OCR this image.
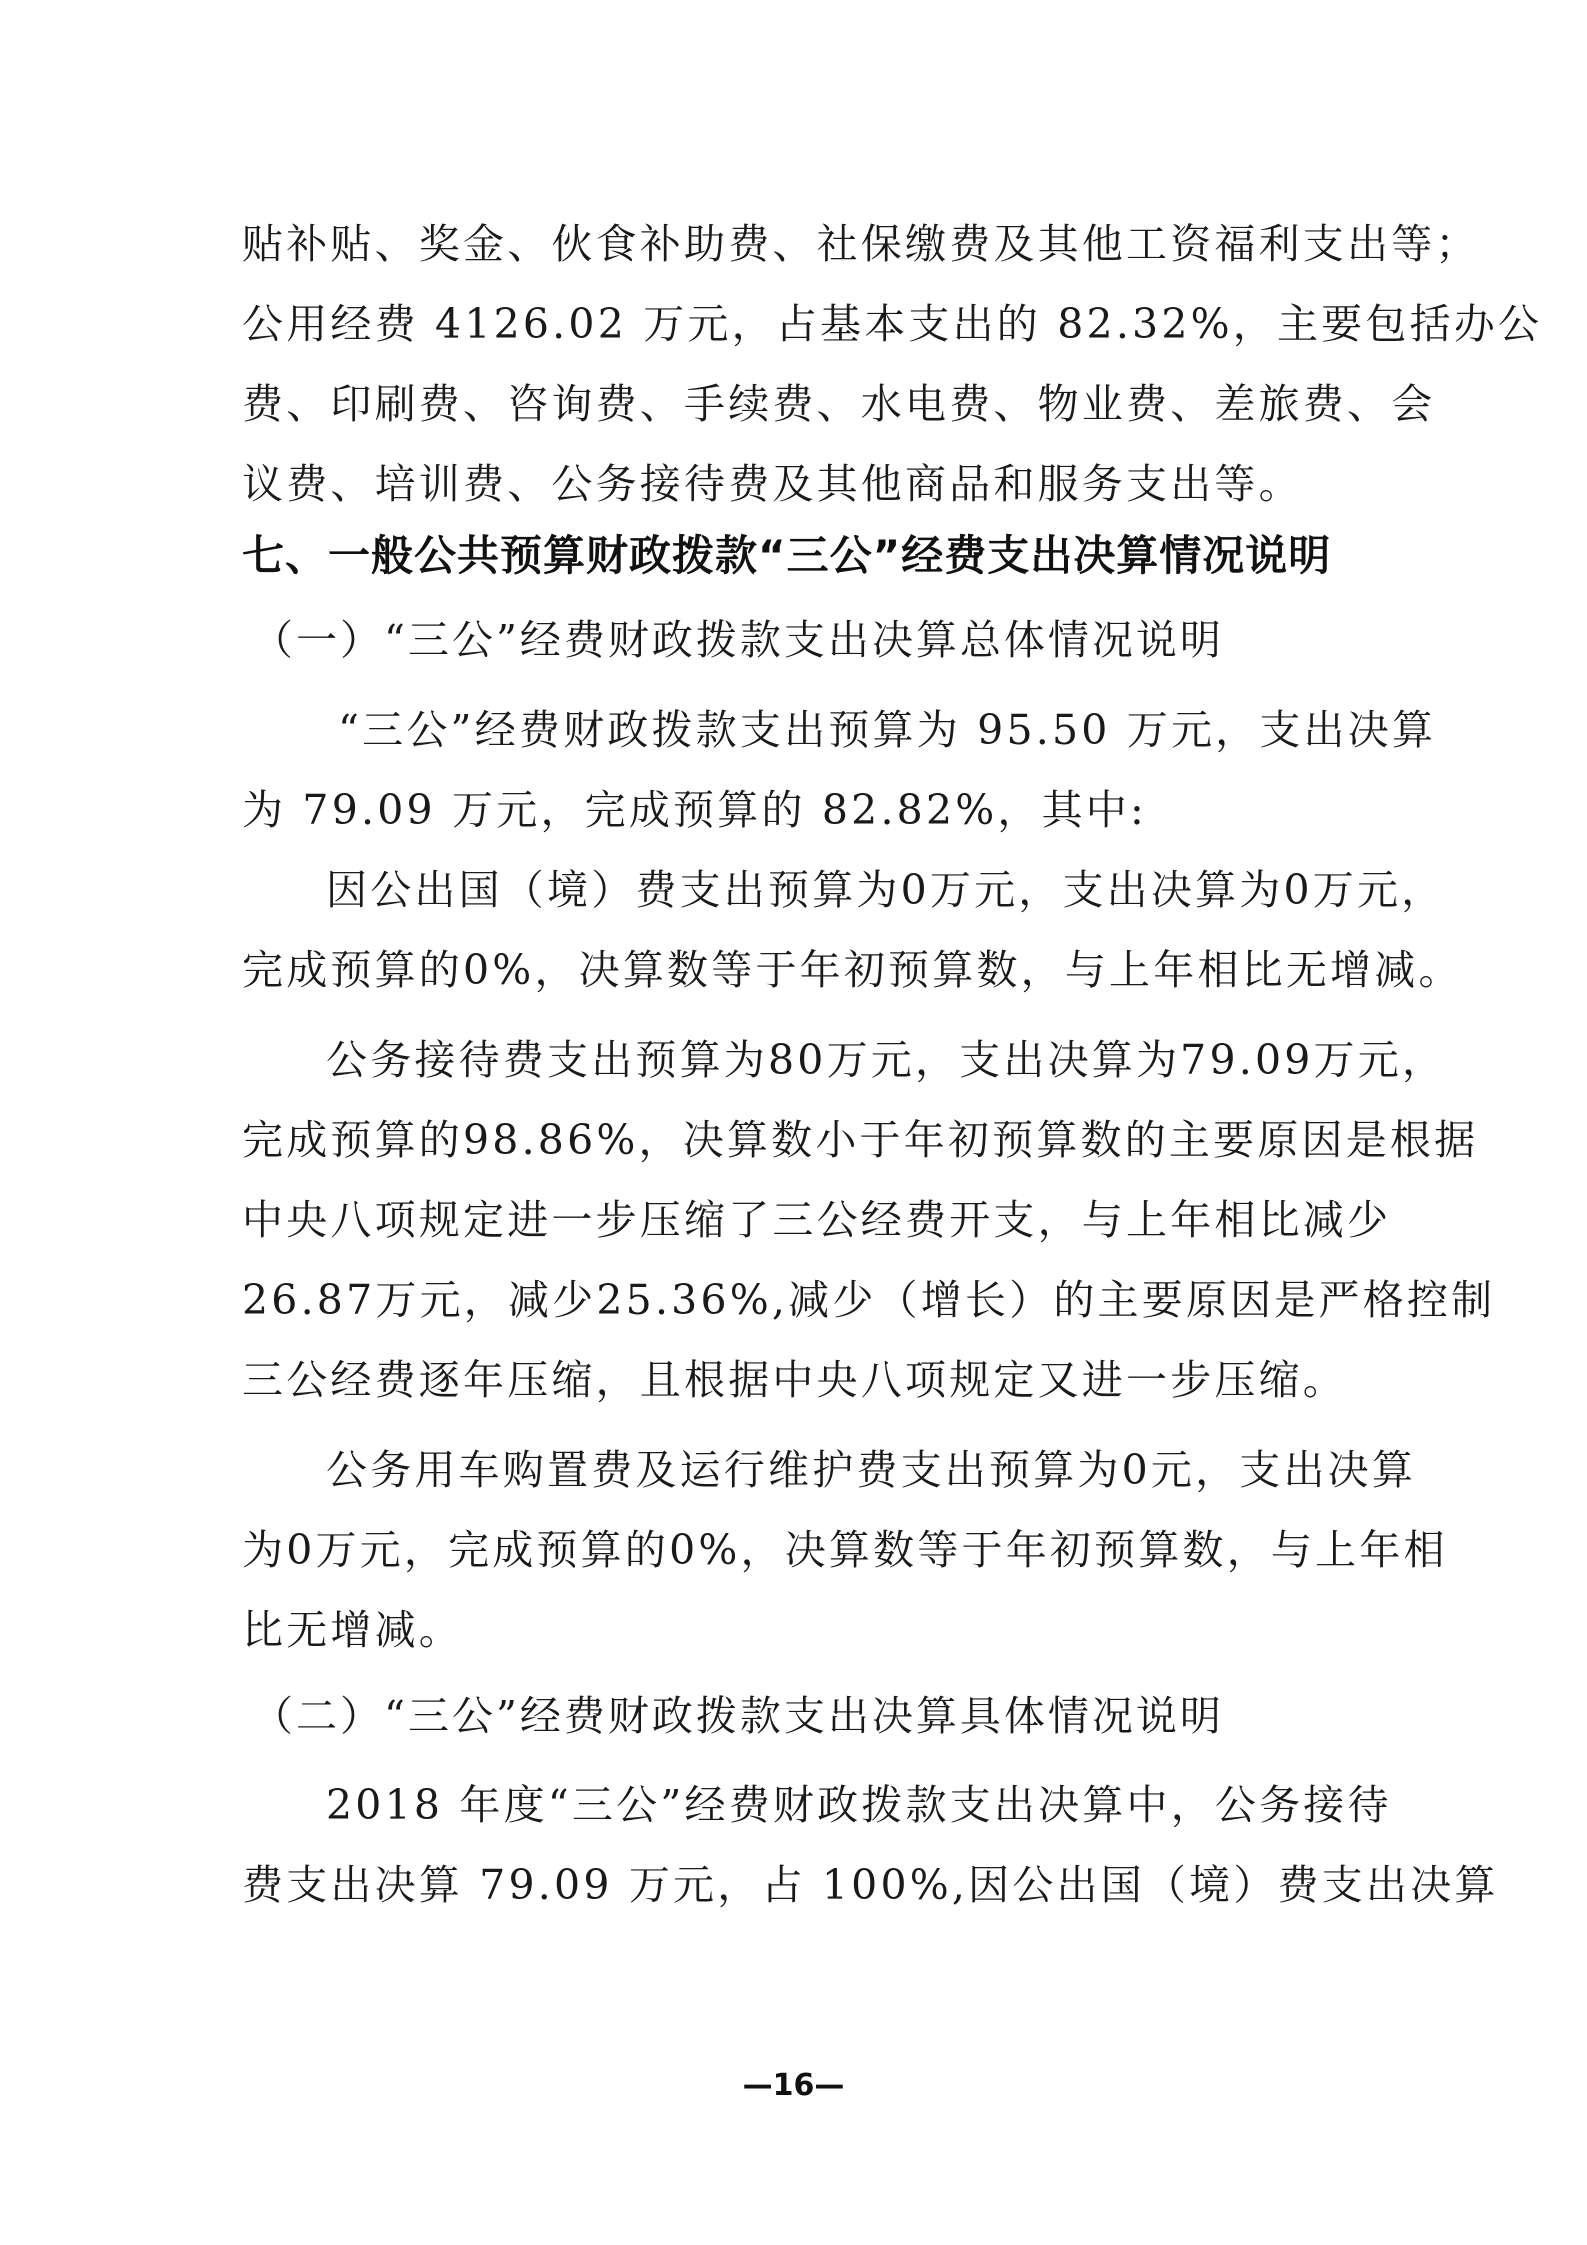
贴补贴、奖金、伙食补助费、社保缴费及其他工资福利支出等；
公用经费 4126.02 万元，占基本支出的 82.32%，主要包括办公
费、印刷费、咨询费、手续费、水电费、物业费、差旅费、会
议费、培训费、公务接待费及其他商品和服务支出等。
七、一般公共预算财政拨款“三公”经费支出决算情况说明
（一）“三公”经费财政拨款支出决算总体情况说明
“三公”经费财政拨款支出预算为 95.50 万元，支出决算
为 79.09 万元，完成预算的 82.82%，其中:
因公出国（境）费支出预算为0万元，支出决算为0万元，
完成预算的0%，决算数等于年初预算数，与上年相比无增减。
公务接待费支出预算为80万元，支出决算为79.09万元，
完成预算的98.86%，决算数小于年初预算数的主要原因是根据
中央八项规定进一步压缩了三公经费开支，与上年相比减少
26.87万元，减少25.36%,减少（增长）的主要原因是严格控制
三公经费逐年压缩，且根据中央八项规定又进一步压缩。
公务用车购置费及运行维护费支出预算为0元，支出决算
为0万元，完成预算的0%，决算数等于年初预算数，与上年相
比无增减。
（二）“三公”经费财政拨款支出决算具体情况说明
2018 年度“三公”经费财政拨款支出决算中，公务接待
费支出决算 79.09 万元，占 100%,因公出国（境）费支出决算
—16—
